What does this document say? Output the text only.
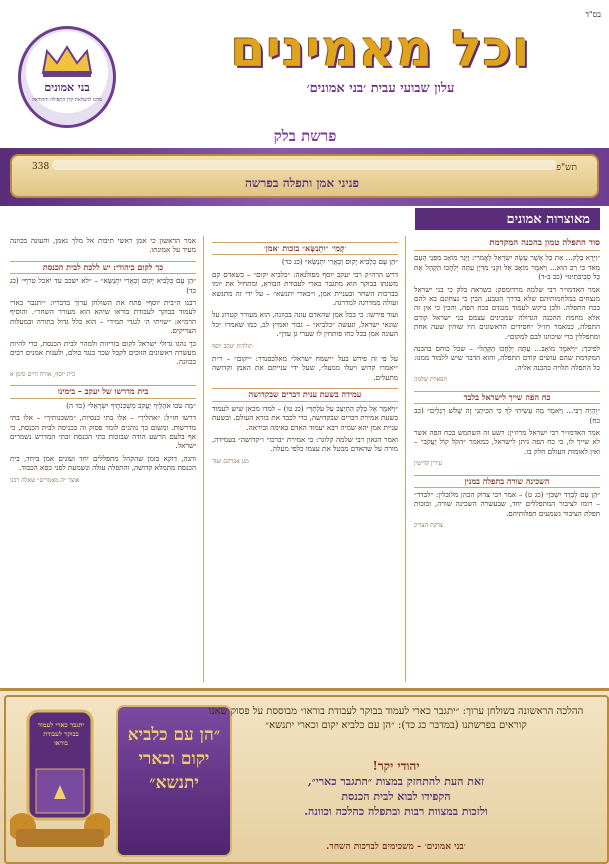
בס"ד
וכל מאמינים
עלון שבועי עבית ׳בני אמונים׳
בני אמונים
מרכז להעלאת קרן התפילה וההודאה
פרשת בלק
338	תש"פ
פניני אמן ותפלה בפרשה
מאוצרות אמונים
סוד התפלה טמון בהכנה המקדמת

״וַיֵּרָא בָלָק... אֵת כָּל אֲשֶׁר עָשָׂה יִשְׂרָאֵל לָאֱמֹרִי: וַיָּגָר מוֹאָב מִפְּנֵי הָעָם מְאֹד כִּי רַב הוּא... וַיֹּאמֶר מוֹאָב אֶל זִקְנֵי מִדְיָן עַתָּה יְלַחֲכוּ הַקָּהָל אֶת כָּל סְבִיבֹתֵינוּ״ (כב ב-ד)

אמר האדמו״ר רבי שלמה מרדומסק: כשראה בלק כי בני ישראל מנצחים במלחמותיהם שלא בדרך הטבע, הבין כי נצחונם בא להם בכח התפלה. ולכן ביקש לעמוד מנגדם בכח הפה, והבין כי אין זה אלא מחמת ההכנה הגדולה שמכינים עצמם בני ישראל קודם התפלה, כמאמר חז״ל ״חסידים הראשונים היו שוהין שעה אחת ומתפללין כדי שיכוונו לבם למקום״.

לפיכך: ״וַיֹּאמֶר מוֹאָב... עַתָּה יְלַחֲכוּ הַקָּהָל״ – שכל כוחם בהכנה המקדמת שהם עושים קודם התפלה, והוא הדבר שיש ללמוד ממנו: כל התפלה תלויה בהכנה אליה.

תפארת שלמה
כח הפה שייך לישראל בלבד

״וְהָיָה רַבִּי... וַיֹּאמֶר מָה עָשִׂיתִי לְךָ כִּי הִכִּיתַנִי זֶה שָׁלֹשׁ רְגָלִים״ (כב כח)

אמר האדמו״ר רבי ישראל מרוז׳ין: רשע זה השתמש בכח הפה אשר לא שייך לו, כי כח הפה ניתן לישראל, כמאמר ״הקֹל קוֹל יַעֲקֹב״ – ואין לאומות העולם חלק בו.

עירין קדישין
השכינה שורה בתפלה במנין

״הֵן עָם לְבָדָד יִשְׁכֹּן״ (כג ט) – אמר רבי צדוק הכהן מלובלין: ״לבדד״ – רומז לציבור המתפללים יחד, שבעשרה השכינה שורה, ובזכות תפלת הציבור נשמעים תפלותיהם.

צדקת הצדיק
׳קָמֵי׳ ״יִתְנַשָּׂא״ בזכות ׳אמן׳

״הֵן עָם כְּלָבִיא יָקוּם וְכַאֲרִי יִתְנַשָּׂא״ (כג כד)

דרש הרה״ק רבי יעקב יוסף מפולנאה: ״כלביא יקום״ – כשאדם קם משנתו בבוקר הוא מתגבר כארי לעבודת הבורא, ומתחיל את יומו בברכות השחר ובעניית אמן, ו״כארי יתנשא״ – על ידי זה מתנשא ועולה ממדרגה למדרגה.

ועוד פירשו: כי בכל אמן שהאדם עונה בכוונה, הוא מעורר קטרוג על שונאי ישראל, ונעשה ״כלביא״ – גבור ואמיץ לב, כמו שאמרו ״כל העונה אמן בכל כחו פותחין לו שערי גן עדן״.

תולדות יעקב יוסף

על פי זה פירש בעל ״ישמח ישראל״ מאלכסנדר: ״יקום״ – ר״ת ״יאמרו קדוש ויעלו ממעל״, שעל ידי ענייתם את האמן וקדושה מתעלים.

עמידה בשעת ענית דברים שבקדושה

״וַיֹּאמֶר אֶל בָּלָק הִתְיַצֵּב עַל עֹלָתֶךָ״ (כג טו) – למדו מכאן שיש לעמוד בשעת אמירת דברים שבקדושה, כדי לכבד את בורא העולם. ובשעת עניית אמן יהא שמיה רבא יעמוד האדם באימה וביראה.

ואמר הגאון רבי שלמה קלוגר: כי אמירת ״ברכו״ ו״קדושה״ בעמידה, מורה על שהאדם מבטל את עצמו כלפי מעלה.

מגן אברהם ועוד

אמר הראשון כי אמן ראשי תיבות אל מלך נאמן, והעונה בכוונה מעיד על אמונתו.

כך לקום כיהודי: יש ללכת לבית הכנסת

״הֵן עָם כְּלָבִיא יָקוּם וְכַאֲרִי יִתְנַשָּׂא״ – ״לא ישכב עד יאכל טרף״ (כג כד)

רבנו ה״בית יוסף״ פתח את השולחן ערוך בדבריו: ״יתגבר כארי לעמוד בבוקר לעבודת בוראו שיהא הוא מעורר השחר״. והוסיף הרמ״א: ״שויתי ה׳ לנגדי תמיד״ – הוא כלל גדול בתורה ובמעלות הצדיקים.

כך נהגו גדולי ישראל לקום בזריזות ולמהר לבית הכנסת, כדי להיות מעשרה ראשונים הזוכים לקבל שכר כנגד כולם, ולענות אמנים רבים בכוונה.

בית יוסף, אורח חיים סימן א
בית מדרשו של יעקב – בימינו

״מַה טֹּבוּ אֹהָלֶיךָ יַעֲקֹב מִשְׁכְּנֹתֶיךָ יִשְׂרָאֵל״ (כד ה)

דרשו חז״ל: ״אהליך״ – אלו בתי כנסיות, ״משכנותיך״ – אלו בתי מדרשות. ומשום כך נוהגים לומר פסוק זה בכניסה לבית הכנסת, כי אף בלעם הרשע הודה שבזכות בתי הכנסת ובתי המדרש נשמרים ישראל.

והנה, דוקא בזמן שהקהל מתפללים יחד ועונים אמן ביחד, בית הכנסת מתמלא קדושה, והתפלה עולה ונשמעת לפני כסא הכבוד.

אוצר ״ה מאמרים״ שאלה רבנו
יתגבר כארי לעמוד בבוקר לעבודת בוראו	״הן עם כלביא יקום וכארי יתנשא״
ההלכה הראשונה בשולחן ערוך: ״יתגבר כארי לעמוד בבוקר לעבודת בוראו״ מבוססת על פסוק שאנו קוראים בפרשתנו (במדבר כג כד): ״הן עם כלביא יקום וכארי יתנשא״
יהודי יקר!
זאת העת להתחזק במצות ״התגבר כארי״,
הקפידו לבוא לבית הכנסת
ולזכות במצוות רבות ובתפלה כהלכה וכוונה.
׳בני אמונים׳ – משכימים לברכות השחר.
